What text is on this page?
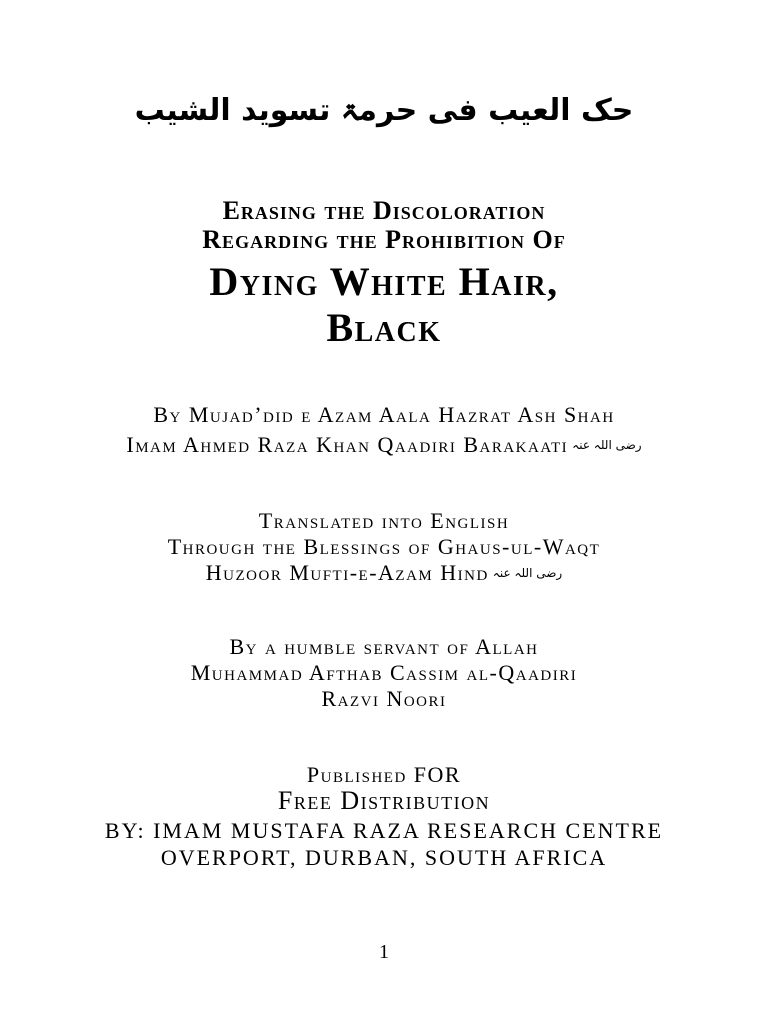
حک العیب فی حرمۃ تسوید الشیب
Erasing the Discoloration
Regarding the Prohibition Of
Dying White Hair,
Black
By Mujad’did e Azam Aala Hazrat Ash Shah
Imam Ahmed Raza Khan Qaadiri Barakaati رضی اللہ عنہ
Translated into English
Through the Blessings of Ghaus-ul-Waqt
Huzoor Mufti-e-Azam Hind رضی اللہ عنہ
By a humble servant of Allah
Muhammad Afthab Cassim al-Qaadiri
Razvi Noori
Published FOR
Free Distribution
BY: IMAM MUSTAFA RAZA RESEARCH CENTRE
OVERPORT, DURBAN, SOUTH AFRICA
1
